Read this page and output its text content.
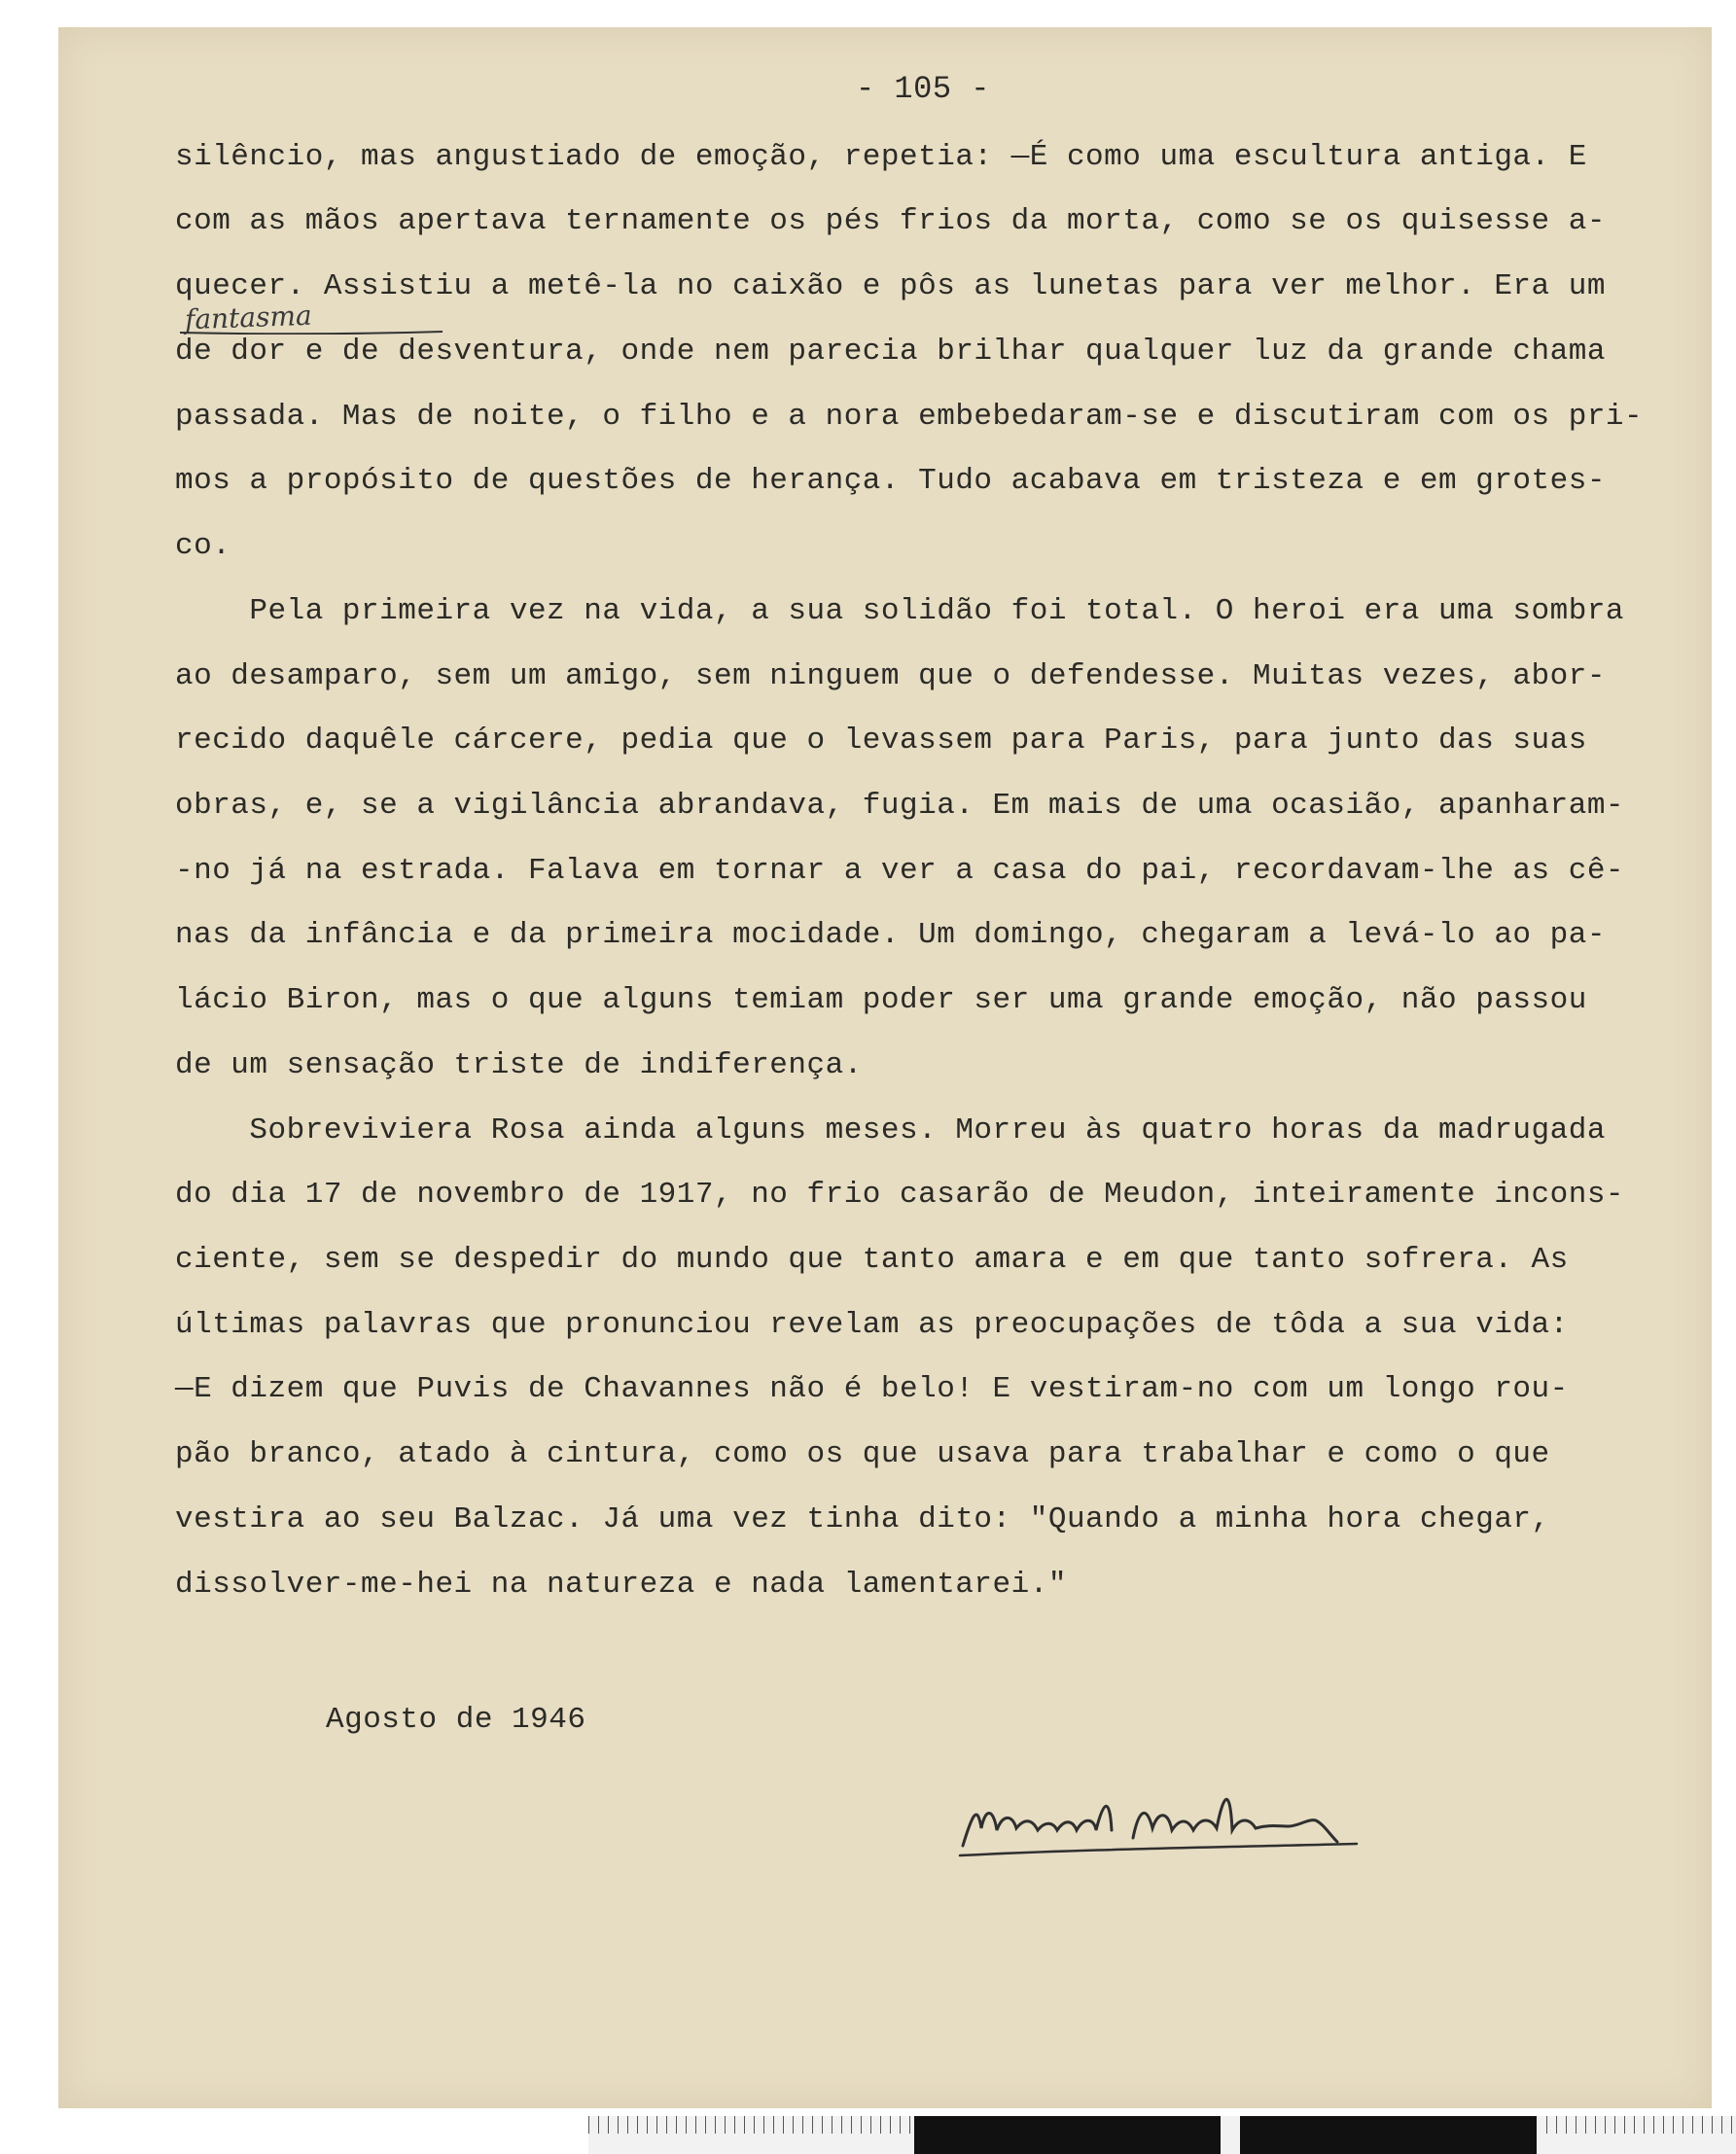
- 105 -
silêncio, mas angustiado de emoção, repetia: —É como uma escultura antiga. E
com as mãos apertava ternamente os pés frios da morta, como se os quisesse a-
quecer. Assistiu a metê-la no caixão e pôs as lunetas para ver melhor. Era um
fantasma
de dor e de desventura, onde nem parecia brilhar qualquer luz da grande chama
passada. Mas de noite, o filho e a nora embebedaram-se e discutiram com os pri-
mos a propósito de questões de herança. Tudo acabava em tristeza e em grotes-
co.
Pela primeira vez na vida, a sua solidão foi total. O heroi era uma sombra
ao desamparo, sem um amigo, sem ninguem que o defendesse. Muitas vezes, abor-
recido daquêle cárcere, pedia que o levassem para Paris, para junto das suas
obras, e, se a vigilância abrandava, fugia. Em mais de uma ocasião, apanharam-
-no já na estrada. Falava em tornar a ver a casa do pai, recordavam-lhe as cê-
nas da infância e da primeira mocidade. Um domingo, chegaram a levá-lo ao pa-
lácio Biron, mas o que alguns temiam poder ser uma grande emoção, não passou
de um sensação triste de indiferença.
Sobreviviera Rosa ainda alguns meses. Morreu às quatro horas da madrugada
do dia 17 de novembro de 1917, no frio casarão de Meudon, inteiramente incons-
ciente, sem se despedir do mundo que tanto amara e em que tanto sofrera. As
últimas palavras que pronunciou revelam as preocupações de tôda a sua vida:
—E dizem que Puvis de Chavannes não é belo! E vestiram-no com um longo rou-
pão branco, atado à cintura, como os que usava para trabalhar e como o que
vestira ao seu Balzac. Já uma vez tinha dito: "Quando a minha hora chegar,
dissolver-me-hei na natureza e nada lamentarei."
Agosto de 1946
